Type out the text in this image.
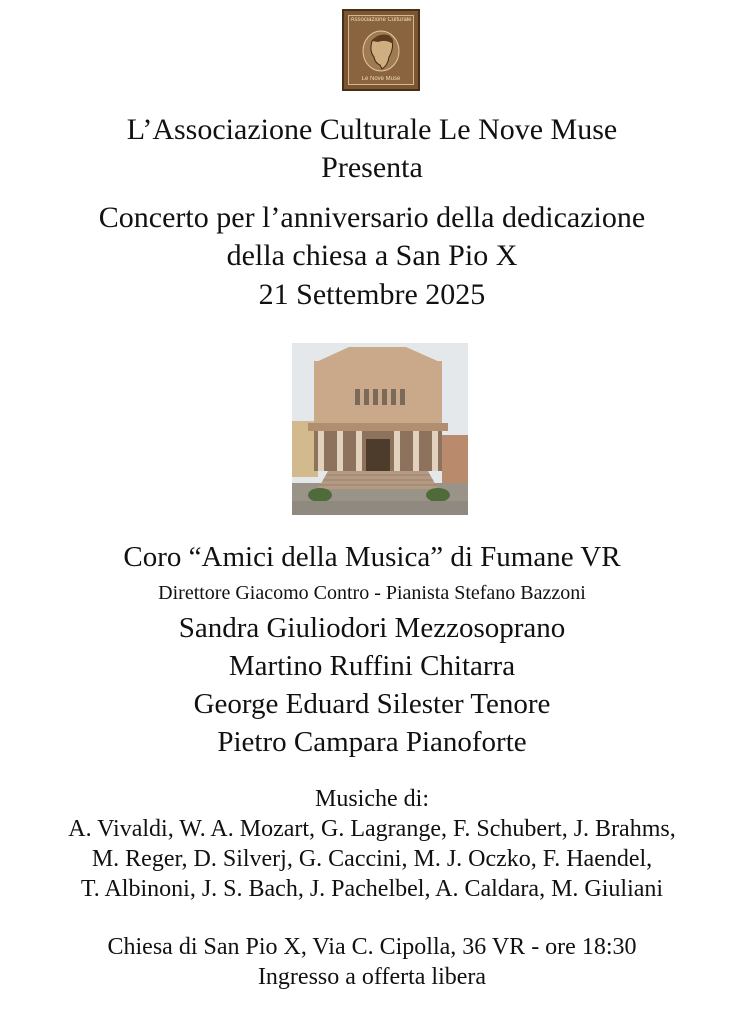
Associazione Culturale
Le Nove Muse
L’Associazione Culturale Le Nove Muse
Presenta
Concerto per l’anniversario della dedicazione
della chiesa a San Pio X
21 Settembre 2025
Coro “Amici della Musica” di Fumane VR
Direttore Giacomo Contro - Pianista Stefano Bazzoni
Sandra Giuliodori Mezzosoprano
Martino Ruffini Chitarra
George Eduard Silester Tenore
Pietro Campara Pianoforte
Musiche di:
A. Vivaldi, W. A. Mozart, G. Lagrange, F. Schubert, J. Brahms,
M. Reger, D. Silverj, G. Caccini, M. J. Oczko, F. Haendel,
T. Albinoni, J. S. Bach, J. Pachelbel, A. Caldara, M. Giuliani
Chiesa di San Pio X, Via C. Cipolla, 36 VR - ore 18:30
Ingresso a offerta libera
